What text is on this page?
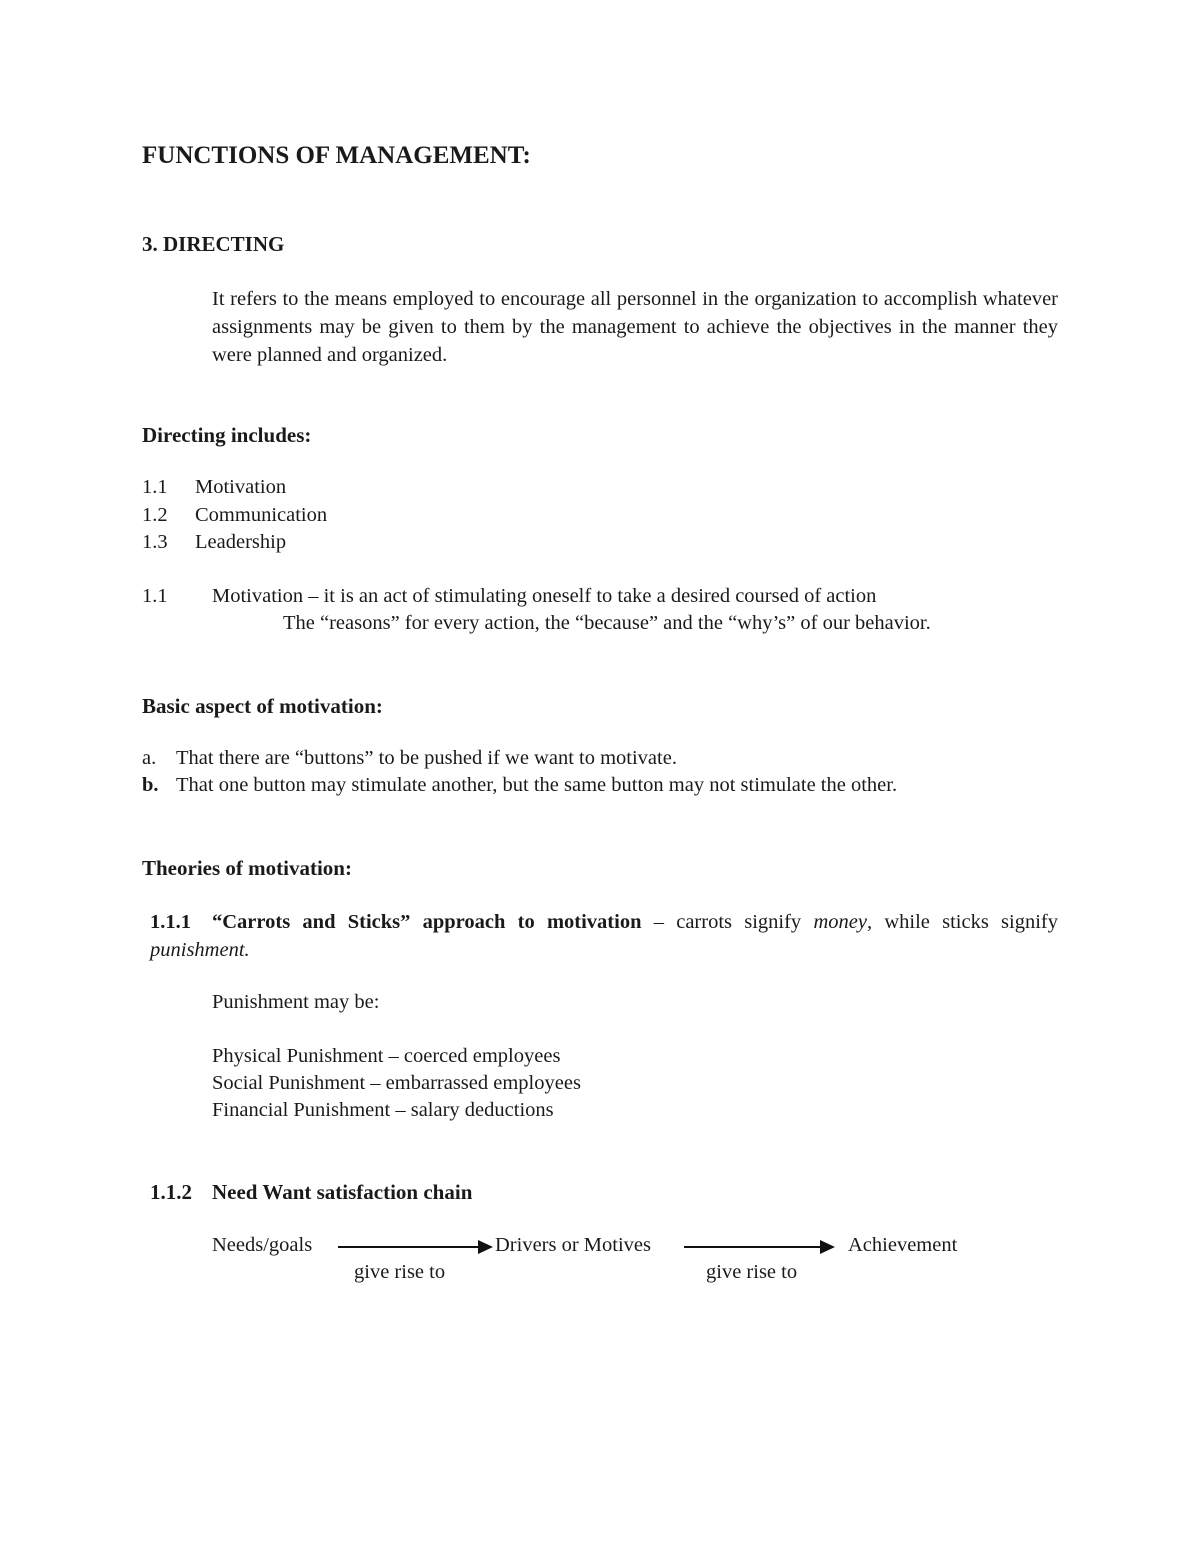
FUNCTIONS OF MANAGEMENT:
3. DIRECTING
It refers to the means employed to encourage all personnel in the organization to accomplish whatever assignments may be given to them by the management to achieve the objectives in the manner they were planned and organized.
Directing includes:
1.1 Motivation
1.2 Communication
1.3 Leadership
1.1 Motivation – it is an act of stimulating oneself to take a desired coursed of action
The “reasons” for every action, the “because” and the “why’s” of our behavior.
Basic aspect of motivation:
a. That there are “buttons” to be pushed if we want to motivate.
b. That one button may stimulate another, but the same button may not stimulate the other.
Theories of motivation:
1.1.1 “Carrots and Sticks” approach to motivation – carrots signify money, while sticks signify punishment.
Punishment may be:
Physical Punishment – coerced employees
Social Punishment – embarrassed employees
Financial Punishment – salary deductions
1.1.2 Need Want satisfaction chain
Needs/goals	Drivers or Motives	Achievement
give rise to	give rise to
